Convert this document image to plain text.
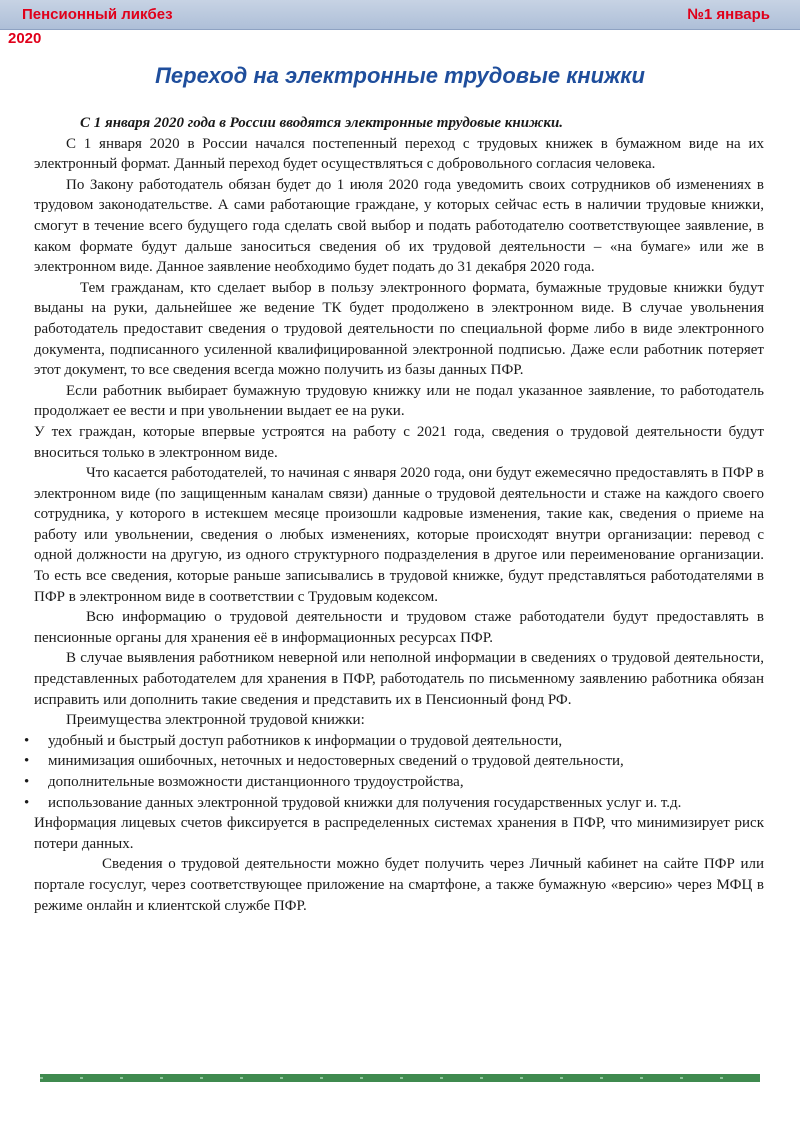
Пенсионный ликбез	№1 январь
2020
Переход на электронные трудовые книжки

С 1 января 2020 года в России вводятся электронные трудовые книжки.

С 1 января 2020 в России начался постепенный переход с трудовых книжек в бумажном виде на их электронный формат. Данный переход будет осуществляться с добровольного согласия человека.

По Закону работодатель обязан будет до 1 июля 2020 года уведомить своих сотрудников об изменениях в трудовом законодательстве. А сами работающие граждане, у которых сейчас есть в наличии трудовые книжки, смогут в течение всего будущего года сделать свой выбор и подать работодателю соответствующее заявление, в каком формате будут дальше заноситься сведения об их трудовой деятельности – «на бумаге» или же в электронном виде. Данное заявление необходимо будет подать до 31 декабря 2020 года.

Тем гражданам, кто сделает выбор в пользу электронного формата, бумажные трудовые книжки будут выданы на руки, дальнейшее же ведение ТК будет продолжено в электронном виде. В случае увольнения работодатель предоставит сведения о трудовой деятельности по специальной форме либо в виде электронного документа, подписанного усиленной квалифицированной электронной подписью. Даже если работник потеряет этот документ, то все сведения всегда можно получить из базы данных ПФР.

Если работник выбирает бумажную трудовую книжку или не подал указанное заявление, то работодатель продолжает ее вести и при увольнении выдает ее на руки.

У тех граждан, которые впервые устроятся на работу с 2021 года, сведения о трудовой деятельности будут вноситься только в электронном виде.

Что касается работодателей, то начиная с января 2020 года, они будут ежемесячно предоставлять в ПФР в электронном виде (по защищенным каналам связи) данные о трудовой деятельности и стаже на каждого своего сотрудника, у которого в истекшем месяце произошли кадровые изменения, такие как, сведения о приеме на работу или увольнении, сведения о любых изменениях, которые происходят внутри организации: перевод с одной должности на другую, из одного структурного подразделения в другое или переименование организации. То есть все сведения, которые раньше записывались в трудовой книжке, будут представляться работодателями в ПФР в электронном виде в соответствии с Трудовым кодексом.

Всю информацию о трудовой деятельности и трудовом стаже работодатели будут предоставлять в пенсионные органы для хранения её в информационных ресурсах ПФР.

В случае выявления работником неверной или неполной информации в сведениях о трудовой деятельности, представленных работодателем для хранения в ПФР, работодатель по письменному заявлению работника обязан исправить или дополнить такие сведения и представить их в Пенсионный фонд РФ.

Преимущества электронной трудовой книжки:

• удобный и быстрый доступ работников к информации о трудовой деятельности,
• минимизация ошибочных, неточных и недостоверных сведений о трудовой деятельности,
• дополнительные возможности дистанционного трудоустройства,
• использование данных электронной трудовой книжки для получения государственных услуг и. т.д.

Информация лицевых счетов фиксируется в распределенных системах хранения в ПФР, что минимизирует риск потери данных.

Сведения о трудовой деятельности можно будет получить через Личный кабинет на сайте ПФР или портале госуслуг, через соответствующее приложение на смартфоне, а также бумажную «версию» через МФЦ в режиме онлайн и клиентской службе ПФР.
